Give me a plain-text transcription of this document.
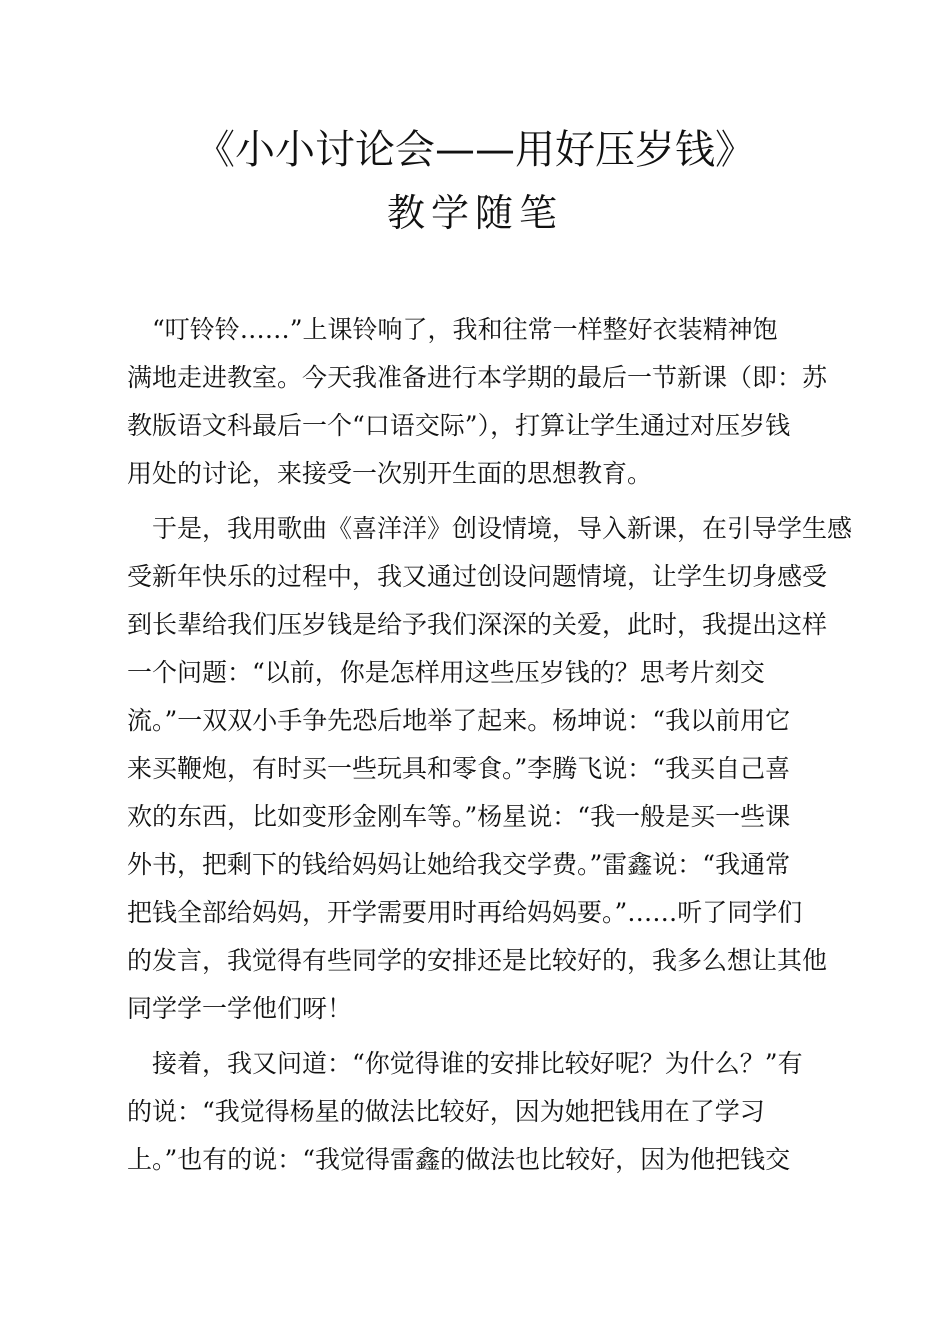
《小小讨论会——用好压岁钱》
教学随笔
　“叮铃铃……”上课铃响了，我和往常一样整好衣装精神饱
满地走进教室。今天我准备进行本学期的最后一节新课（即：苏
教版语文科最后一个“口语交际”），打算让学生通过对压岁钱
用处的讨论，来接受一次别开生面的思想教育。
　于是，我用歌曲《喜洋洋》创设情境，导入新课，在引导学生感
受新年快乐的过程中，我又通过创设问题情境，让学生切身感受
到长辈给我们压岁钱是给予我们深深的关爱，此时，我提出这样
一个问题：“以前，你是怎样用这些压岁钱的？思考片刻交
流。”一双双小手争先恐后地举了起来。杨坤说：“我以前用它
来买鞭炮，有时买一些玩具和零食。”李腾飞说：“我买自己喜
欢的东西，比如变形金刚车等。”杨星说：“我一般是买一些课
外书，把剩下的钱给妈妈让她给我交学费。”雷鑫说：“我通常
把钱全部给妈妈，开学需要用时再给妈妈要。”……听了同学们
的发言，我觉得有些同学的安排还是比较好的，我多么想让其他
同学学一学他们呀！
　接着，我又问道：“你觉得谁的安排比较好呢？为什么？”有
的说：“我觉得杨星的做法比较好，因为她把钱用在了学习
上。”也有的说：“我觉得雷鑫的做法也比较好，因为他把钱交
